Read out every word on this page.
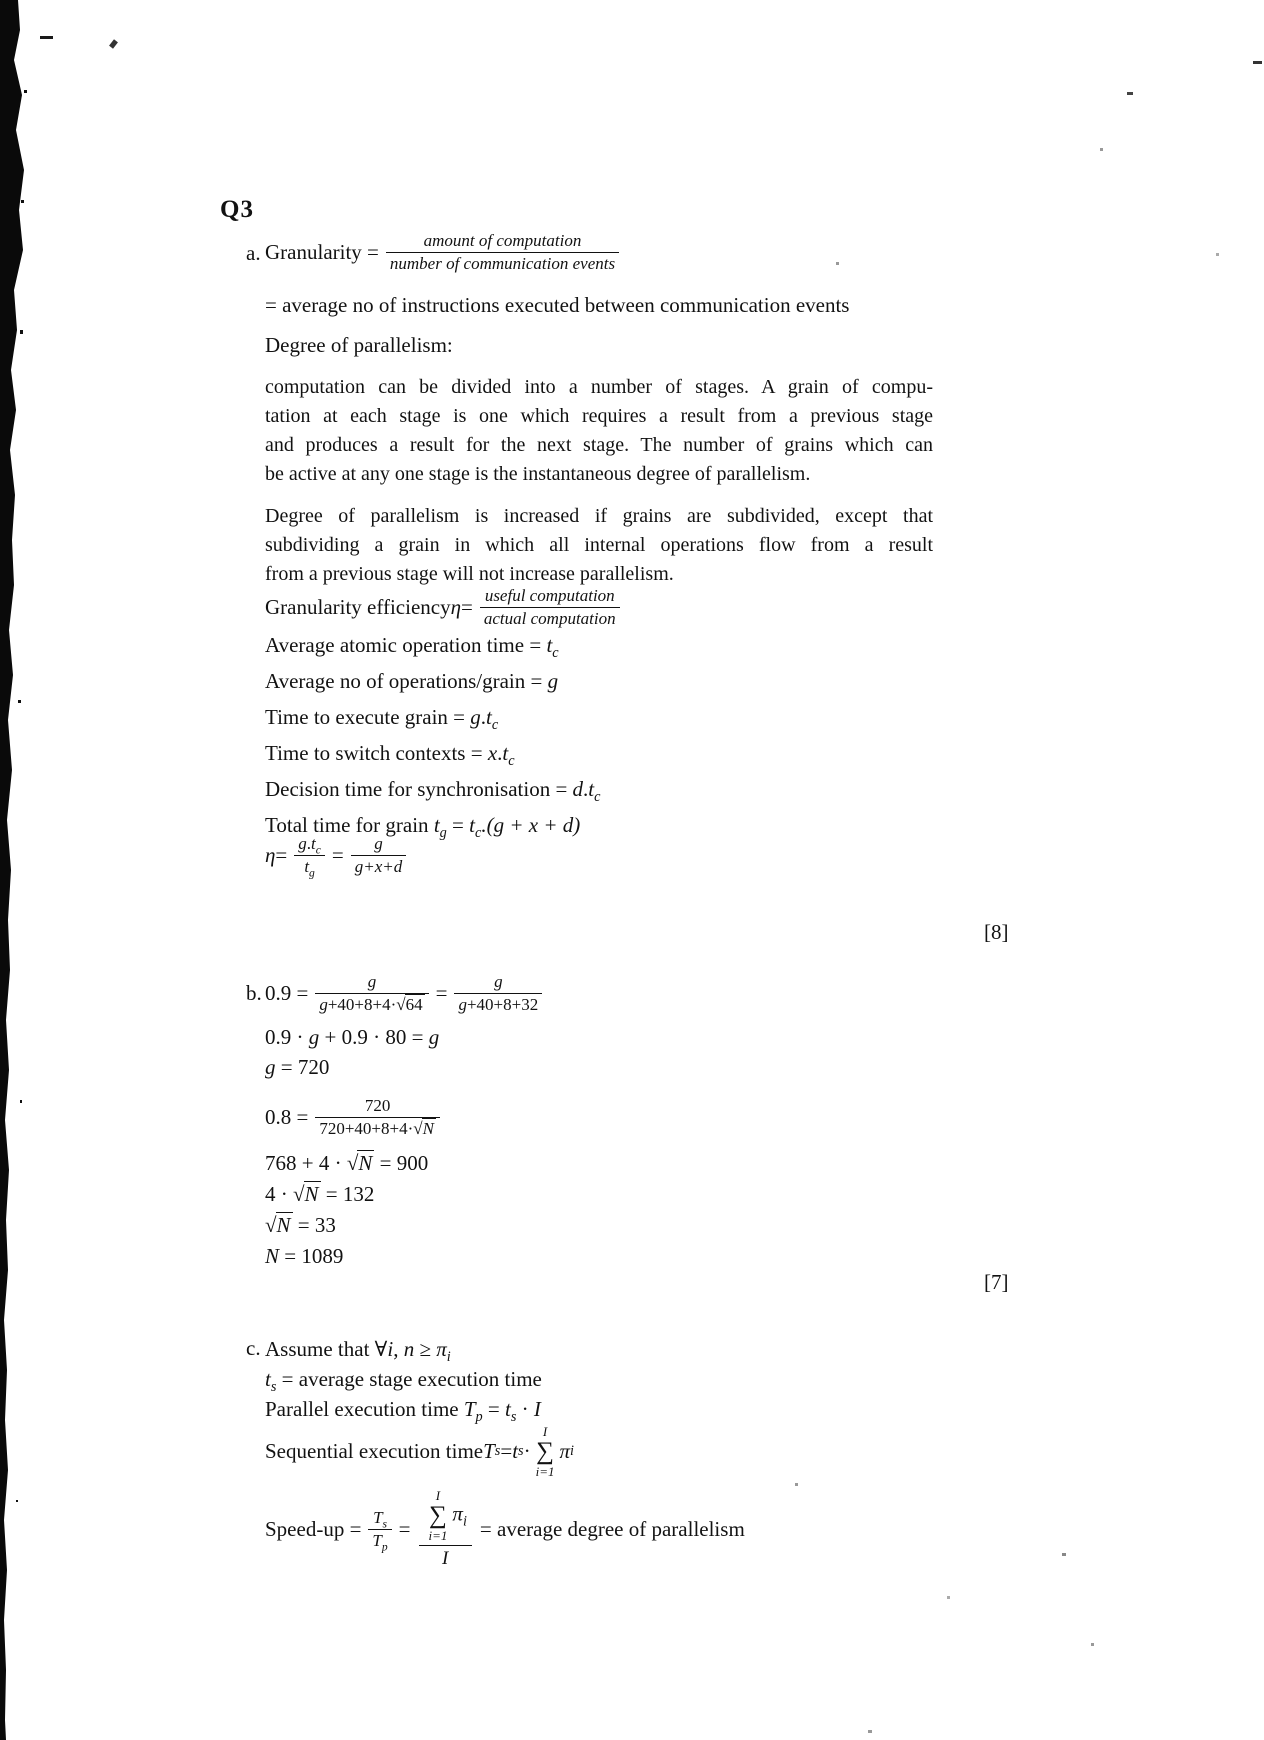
Q3
a. Granularity = $\frac{\text{amount of computation}}{\text{number of communication events}}$
= average no of instructions executed between communication events
Degree of parallelism:
computation can be divided into a number of stages. A grain of compu-
tation at each stage is one which requires a result from a previous stage
and produces a result for the next stage. The number of grains which can
be active at any one stage is the instantaneous degree of parallelism.
Degree of parallelism is increased if grains are subdivided, except that
subdividing a grain in which all internal operations flow from a result
from a previous stage will not increase parallelism.
Granularity efficiency $\eta = \frac{\text{useful computation}}{\text{actual computation}}$
Average atomic operation time = $t_c$
Average no of operations/grain = g
Time to execute grain = $g.t_c$
Time to switch contexts = $x.t_c$
Decision time for synchronisation = $d.t_c$
Total time for grain $t_g = t_c.(g + x + d)$
$\eta = \frac{g.t_c}{t_g} = \frac{g}{g+x+d}$
[8]
b. $0.9 = \frac{g}{g+40+8+4\cdot√64} = \frac{g}{g+40+8+32}$
0.9 · g + 0.9 · 80 = g
g = 720
$0.8 = \frac{720}{720+40+8+4\cdot√N}$
768 + 4 · √N = 900
4 · √N = 132
√N = 33
N = 1089
[7]
c. Assume that ∀i, $n \ge \pi_i$
$t_s$ = average stage execution time
Parallel execution time $T_p = t_s \cdot I$
Sequential execution time T s = t s ·
I
∑
i=1
π i
Speed-up = $\frac{T_s}{T_p} = I$
∑
i=1
$\pi_i$
I = average degree of parallelism
